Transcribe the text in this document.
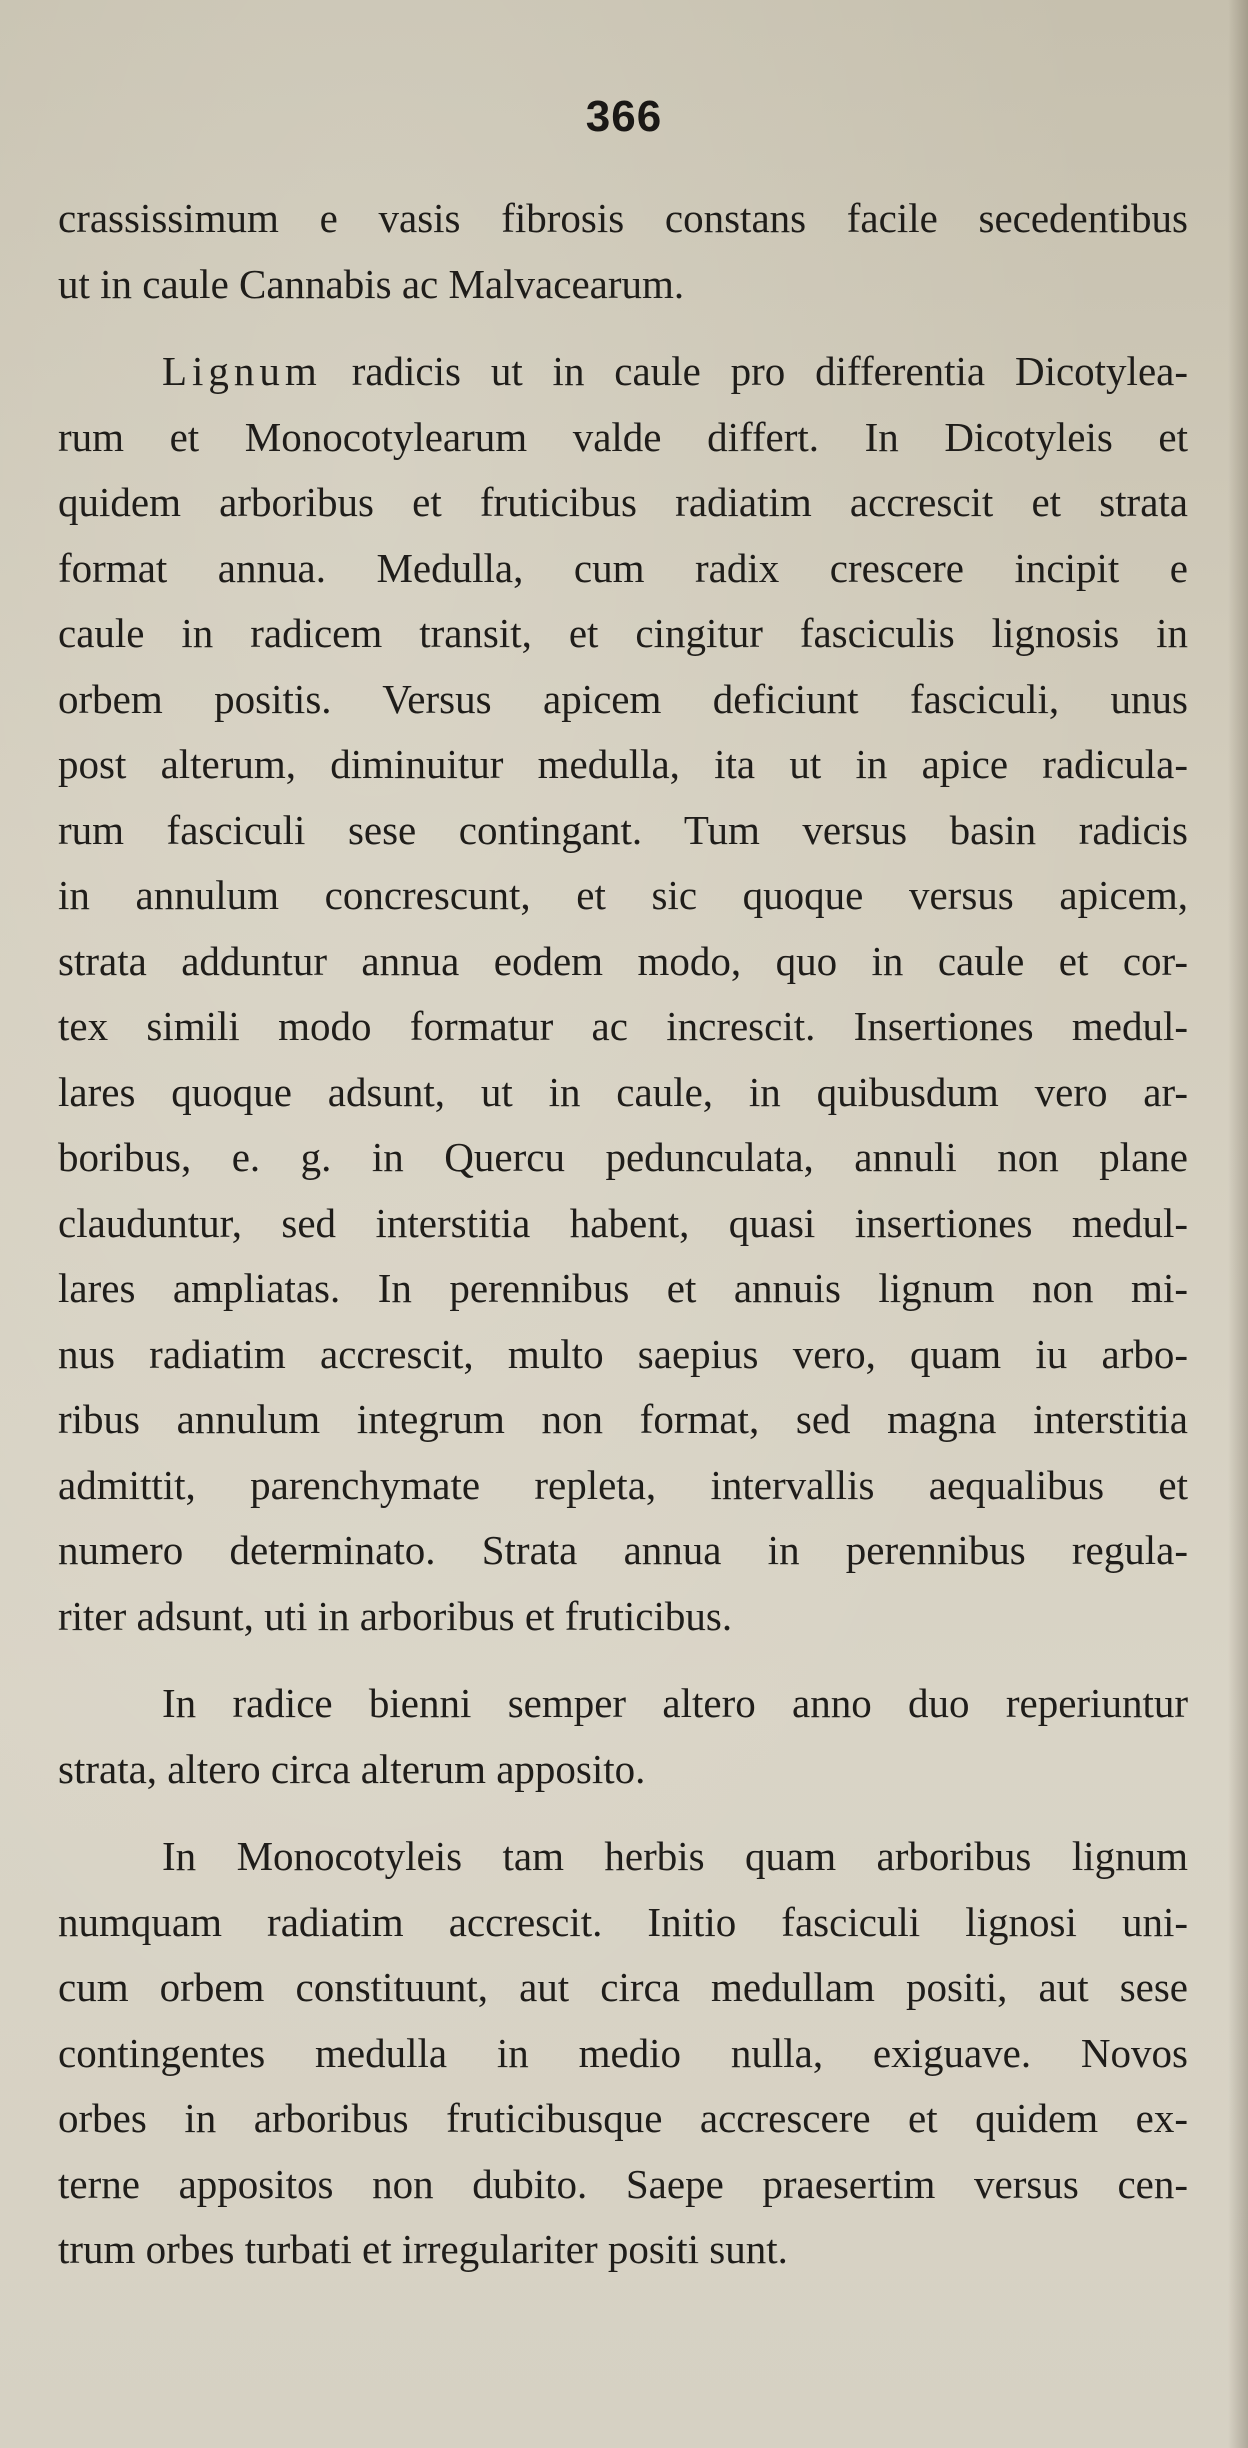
366
crassissimum e vasis fibrosis constans facile secedentibus
ut in caule Cannabis ac Malvacearum.
Lignum radicis ut in caule pro differentia Dicotylea-
rum et Monocotylearum valde differt. In Dicotyleis et
quidem arboribus et fruticibus radiatim accrescit et strata
format annua. Medulla, cum radix crescere incipit e
caule in radicem transit, et cingitur fasciculis lignosis in
orbem positis. Versus apicem deficiunt fasciculi, unus
post alterum, diminuitur medulla, ita ut in apice radicula-
rum fasciculi sese contingant. Tum versus basin radicis
in annulum concrescunt, et sic quoque versus apicem,
strata adduntur annua eodem modo, quo in caule et cor-
tex simili modo formatur ac increscit. Insertiones medul-
lares quoque adsunt, ut in caule, in quibusdum vero ar-
boribus, e. g. in Quercu pedunculata, annuli non plane
clauduntur, sed interstitia habent, quasi insertiones medul-
lares ampliatas. In perennibus et annuis lignum non mi-
nus radiatim accrescit, multo saepius vero, quam iu arbo-
ribus annulum integrum non format, sed magna interstitia
admittit, parenchymate repleta, intervallis aequalibus et
numero determinato. Strata annua in perennibus regula-
riter adsunt, uti in arboribus et fruticibus.
In radice bienni semper altero anno duo reperiuntur
strata, altero circa alterum apposito.
In Monocotyleis tam herbis quam arboribus lignum
numquam radiatim accrescit. Initio fasciculi lignosi uni-
cum orbem constituunt, aut circa medullam positi, aut sese
contingentes medulla in medio nulla, exiguave. Novos
orbes in arboribus fruticibusque accrescere et quidem ex-
terne appositos non dubito. Saepe praesertim versus cen-
trum orbes turbati et irregulariter positi sunt.
